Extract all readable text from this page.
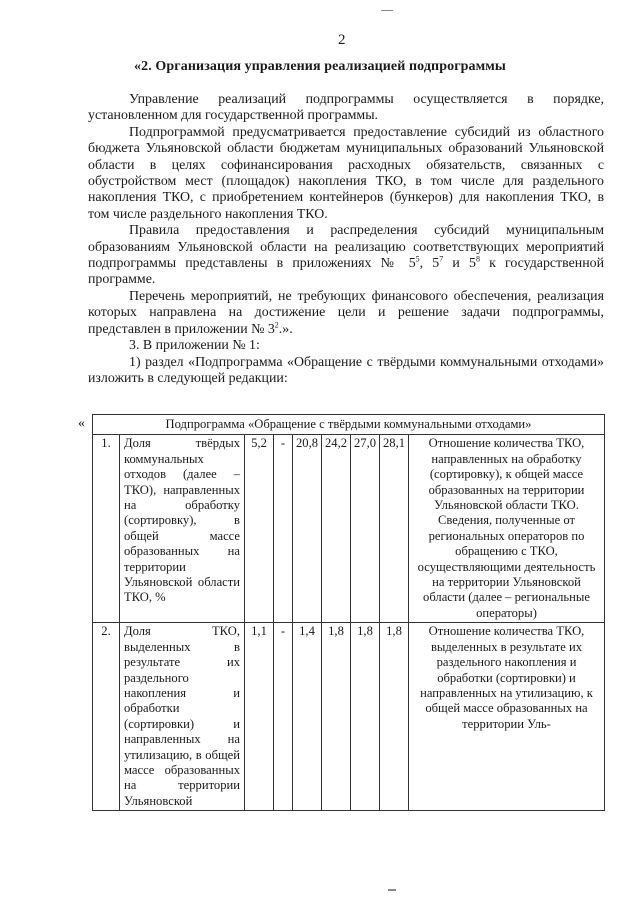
2
«2. Организация управления реализацией подпрограммы

Управление реализаций подпрограммы осуществляется в порядке, установленном для государственной программы.

Подпрограммой предусматривается предоставление субсидий из областного бюджета Ульяновской области бюджетам муниципальных образований Ульяновской области в целях софинансирования расходных обязательств, связанных с обустройством мест (площадок) накопления ТКО, в том числе для раздельного накопления ТКО, с приобретением контейнеров (бункеров) для накопления ТКО, в том числе раздельного накопления ТКО.

Правила предоставления и распределения субсидий муниципальным образованиям Ульяновской области на реализацию соответствующих мероприятий подпрограммы представлены в приложениях № $5^5$, $5^7$ и $5^8$ к государственной программе.

Перечень мероприятий, не требующих финансового обеспечения, реализация которых направлена на достижение цели и решение задачи подпрограммы, представлен в приложении № $3^2$.».

3. В приложении № 1:

1) раздел «Подпрограмма «Обращение с твёрдыми коммунальными отходами» изложить в следующей редакции:

«	Подпрограмма «Обращение с твёрдыми коммунальными отходами»								
1.	Доля твёрдых коммунальных отходов (далее – ТКО), направленных на обработку (сортировку), в общей массе образованных на территории Ульяновской области ТКО, %	5,2	-	20,8	24,2	27,0	28,1	Отношение количества ТКО, направленных на обработку (сортировку), к общей массе образованных на территории Ульяновской области ТКО.
Сведения, полученные от региональных операторов по обращению с ТКО, осуществляющими деятельность на территории Ульяновской области (далее – региональные операторы)

2.	Доля ТКО, выделенных в результате их раздельного накопления и обработки (сортировки) и направленных на утилизацию, в общей массе образованных на территории Ульяновской	1,1	-	1,4	1,8	1,8	1,8	Отношение количества ТКО, выделенных в результате их раздельного накопления и обработки (сортировки) и направленных на утилизацию, к общей массе образованных на территории Уль-
